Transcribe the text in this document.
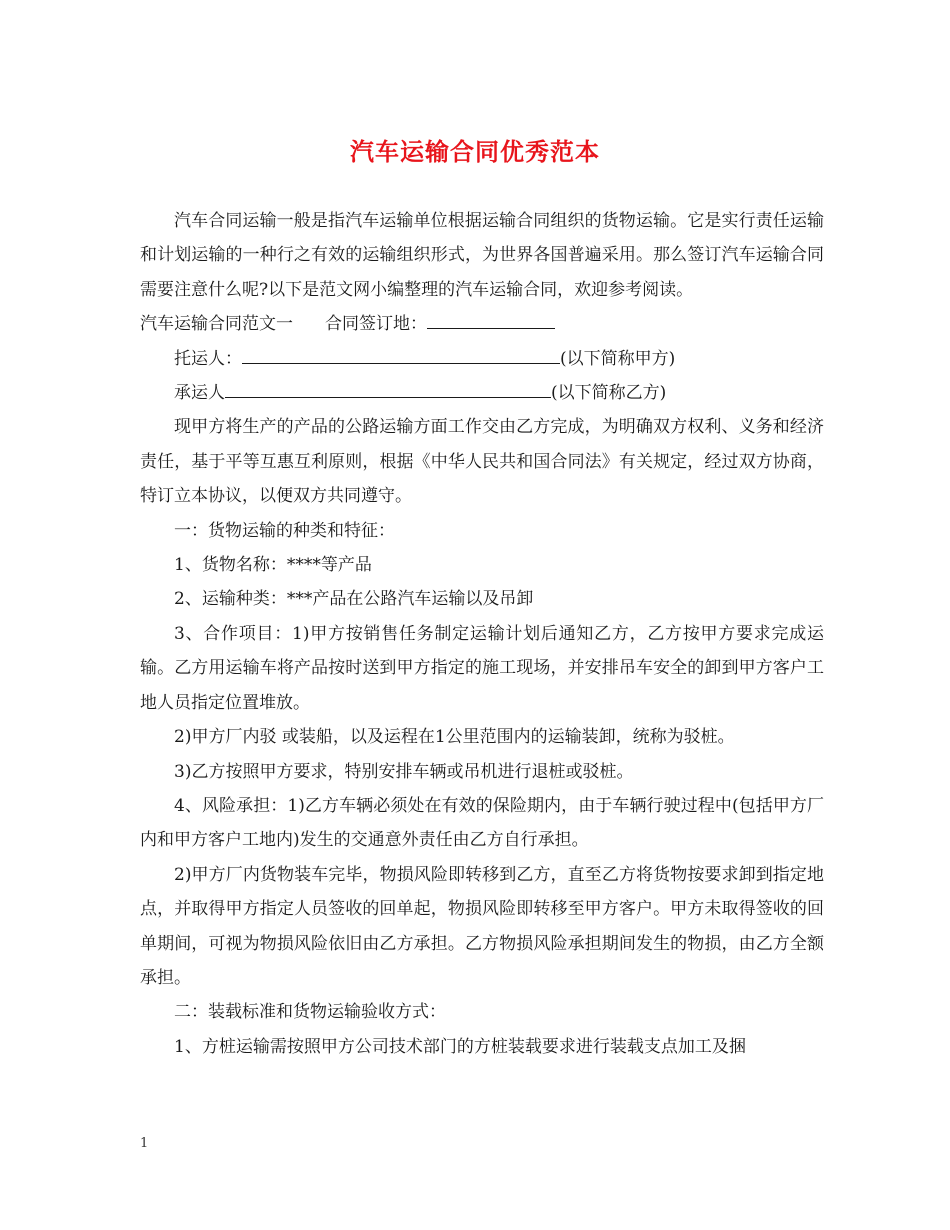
汽车运输合同优秀范本

汽车合同运输一般是指汽车运输单位根据运输合同组织的货物运输。它是实行责任运输和计划运输的一种行之有效的运输组织形式，为世界各国普遍采用。那么签订汽车运输合同需要注意什么呢?以下是范文网小编整理的汽车运输合同，欢迎参考阅读。

汽车运输合同范文一 合同签订地：

托运人：	(以下简称甲方)

承运人	(以下简称乙方)

现甲方将生产的产品的公路运输方面工作交由乙方完成，为明确双方权利、义务和经济责任，基于平等互惠互利原则，根据《中华人民共和国合同法》有关规定，经过双方协商，特订立本协议，以便双方共同遵守。

一：货物运输的种类和特征：

1、货物名称：****等产品

2、运输种类：***产品在公路汽车运输以及吊卸

3、合作项目：1)甲方按销售任务制定运输计划后通知乙方，乙方按甲方要求完成运输。乙方用运输车将产品按时送到甲方指定的施工现场，并安排吊车安全的卸到甲方客户工地人员指定位置堆放。

2)甲方厂内驳 或装船，以及运程在1公里范围内的运输装卸，统称为驳桩。

3)乙方按照甲方要求，特别安排车辆或吊机进行退桩或驳桩。

4、风险承担：1)乙方车辆必须处在有效的保险期内，由于车辆行驶过程中(包括甲方厂内和甲方客户工地内)发生的交通意外责任由乙方自行承担。

2)甲方厂内货物装车完毕，物损风险即转移到乙方，直至乙方将货物按要求卸到指定地点，并取得甲方指定人员签收的回单起，物损风险即转移至甲方客户。甲方未取得签收的回单期间，可视为物损风险依旧由乙方承担。乙方物损风险承担期间发生的物损，由乙方全额承担。

二：装载标准和货物运输验收方式：

1、方桩运输需按照甲方公司技术部门的方桩装载要求进行装载支点加工及捆

1
